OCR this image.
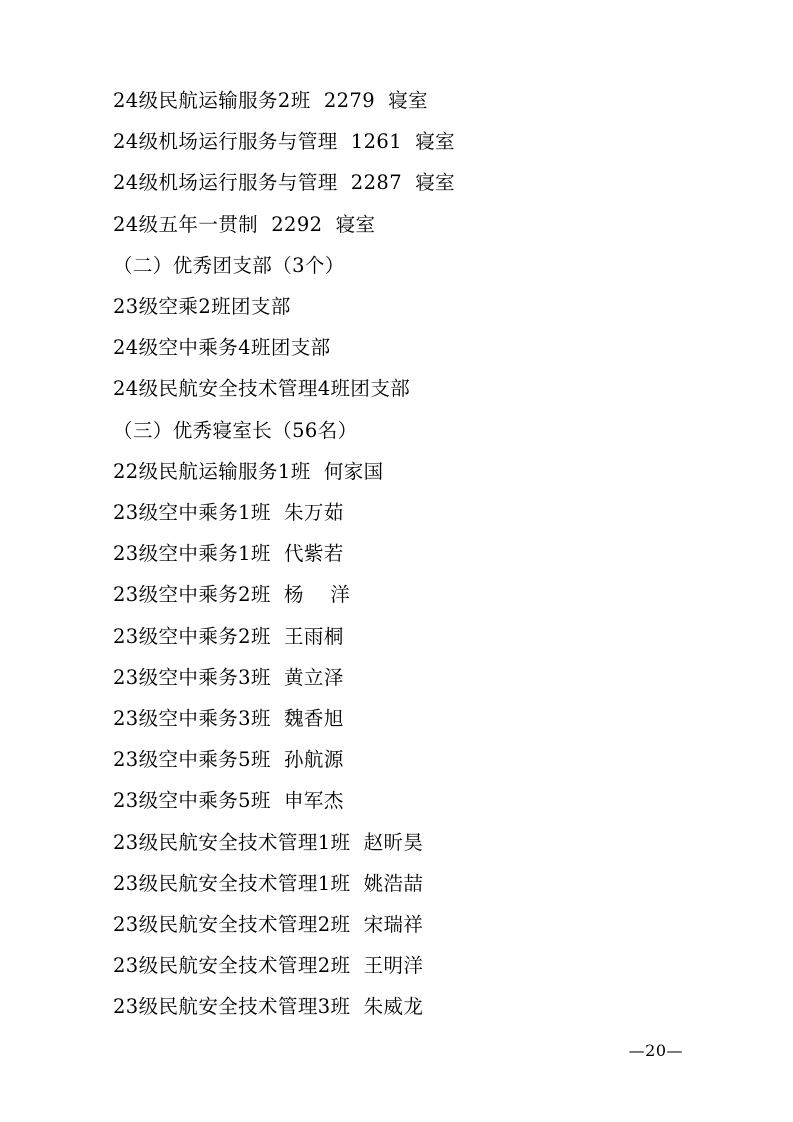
24级民航运输服务2班  2279  寝室
24级机场运行服务与管理  1261  寝室
24级机场运行服务与管理  2287  寝室
24级五年一贯制  2292  寝室
（二）优秀团支部（3个）
23级空乘2班团支部
24级空中乘务4班团支部
24级民航安全技术管理4班团支部
（三）优秀寝室长（56名）
22级民航运输服务1班  何家国
23级空中乘务1班  朱万茹
23级空中乘务1班  代紫若
23级空中乘务2班  杨    洋
23级空中乘务2班  王雨桐
23级空中乘务3班  黄立泽
23级空中乘务3班  魏香旭
23级空中乘务5班  孙航源
23级空中乘务5班  申军杰
23级民航安全技术管理1班  赵昕昊
23级民航安全技术管理1班  姚浩喆
23级民航安全技术管理2班  宋瑞祥
23级民航安全技术管理2班  王明洋
23级民航安全技术管理3班  朱威龙
—20—
